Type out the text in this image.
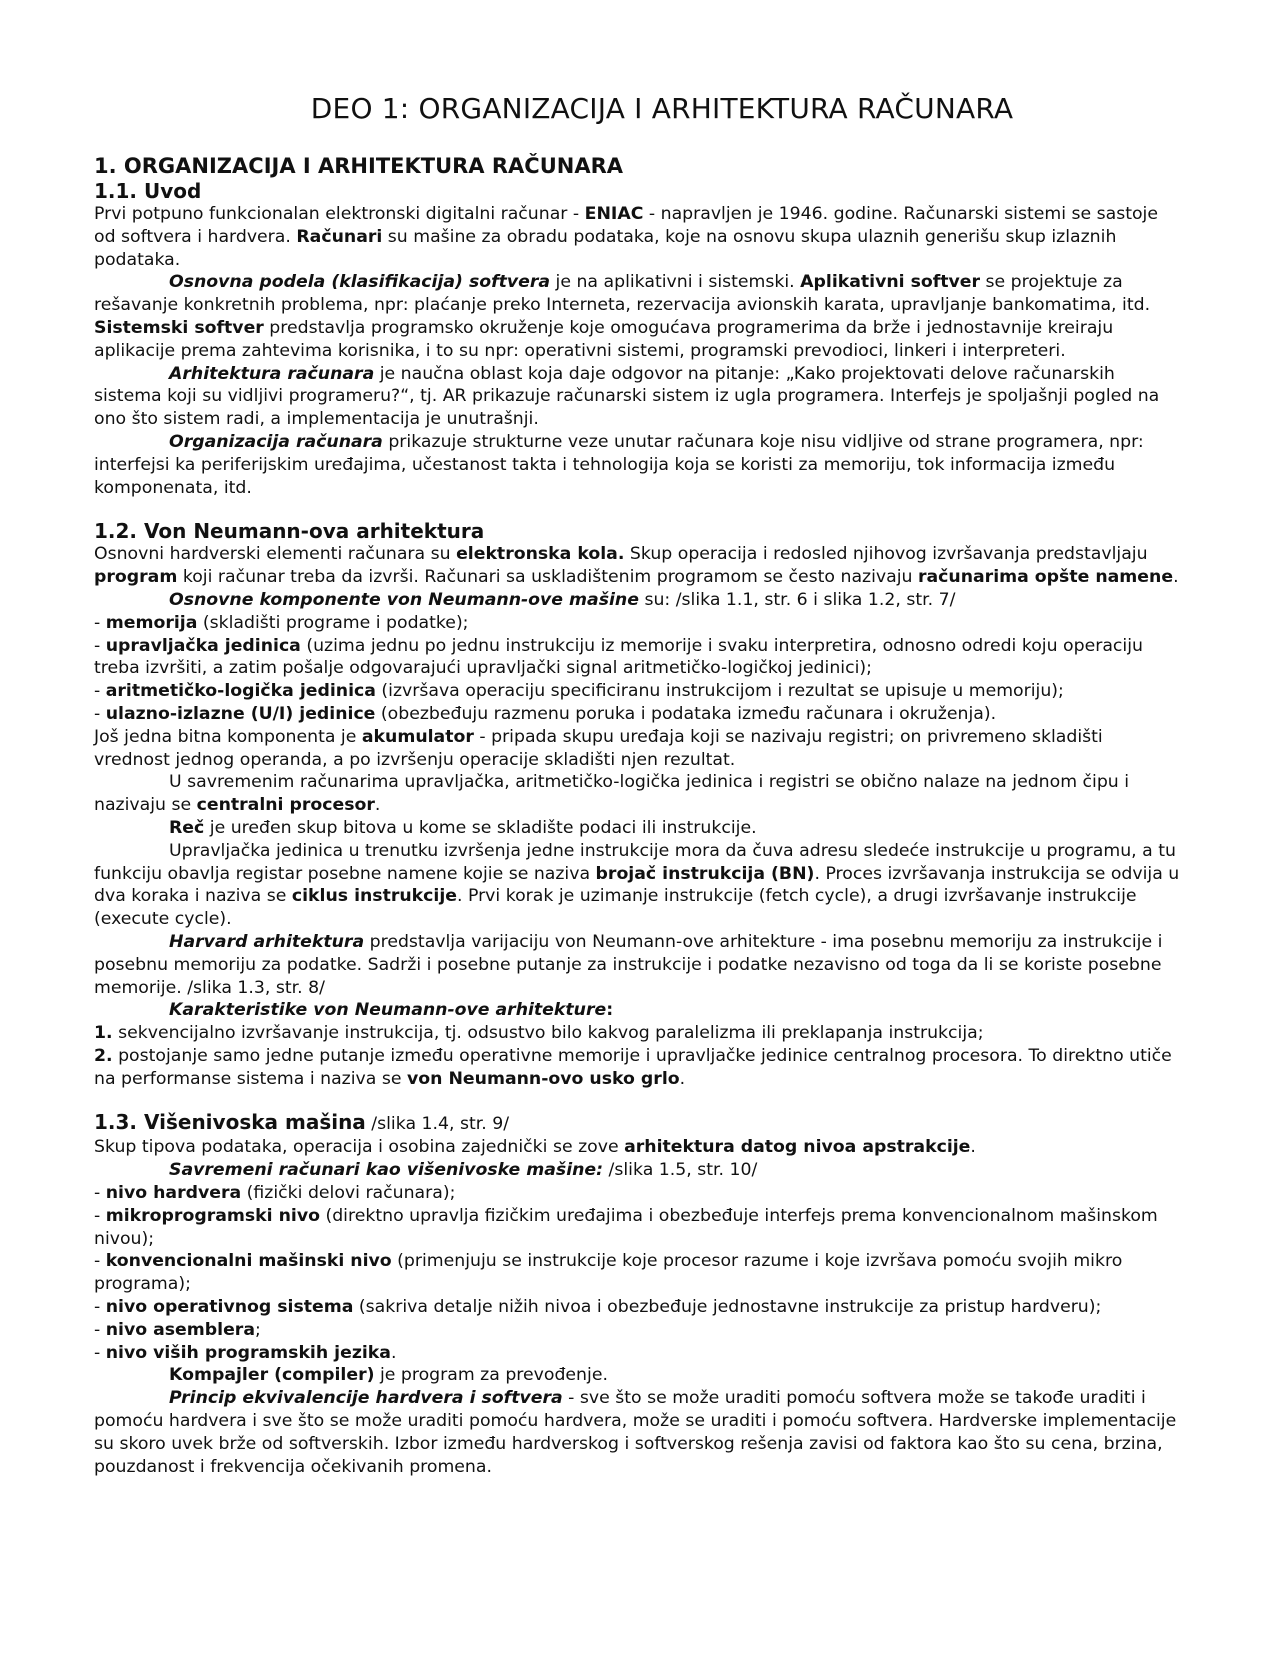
DEO 1: ORGANIZACIJA I ARHITEKTURA RAČUNARA
1. ORGANIZACIJA I ARHITEKTURA RAČUNARA
1.1. Uvod

Prvi potpuno funkcionalan elektronski digitalni računar - ENIAC - napravljen je 1946. godine. Računarski sistemi se sastoje od softvera i hardvera. Računari su mašine za obradu podataka, koje na osnovu skupa ulaznih generišu skup izlaznih podataka.

Osnovna podela (klasifikacija) softvera je na aplikativni i sistemski. Aplikativni softver se projektuje za rešavanje konkretnih problema, npr: plaćanje preko Interneta, rezervacija avionskih karata, upravljanje bankomatima, itd. Sistemski softver predstavlja programsko okruženje koje omogućava programerima da brže i jednostavnije kreiraju aplikacije prema zahtevima korisnika, i to su npr: operativni sistemi, programski prevodioci, linkeri i interpreteri.

Arhitektura računara je naučna oblast koja daje odgovor na pitanje: „Kako projektovati delove računarskih sistema koji su vidljivi programeru?“, tj. AR prikazuje računarski sistem iz ugla programera. Interfejs je spoljašnji pogled na ono što sistem radi, a implementacija je unutrašnji.

Organizacija računara prikazuje strukturne veze unutar računara koje nisu vidljive od strane programera, npr: interfejsi ka periferijskim uređajima, učestanost takta i tehnologija koja se koristi za memoriju, tok informacija između komponenata, itd.

1.2. Von Neumann-ova arhitektura

Osnovni hardverski elementi računara su elektronska kola. Skup operacija i redosled njihovog izvršavanja predstavljaju program koji računar treba da izvrši. Računari sa uskladištenim programom se često nazivaju računarima opšte namene.

Osnovne komponente von Neumann-ove mašine su: /slika 1.1, str. 6 i slika 1.2, str. 7/

- memorija (skladišti programe i podatke);

- upravljačka jedinica (uzima jednu po jednu instrukciju iz memorije i svaku interpretira, odnosno odredi koju operaciju treba izvršiti, a zatim pošalje odgovarajući upravljački signal aritmetičko-logičkoj jedinici);

- aritmetičko-logička jedinica (izvršava operaciju specificiranu instrukcijom i rezultat se upisuje u memoriju);

- ulazno-izlazne (U/I) jedinice (obezbeđuju razmenu poruka i podataka između računara i okruženja).

Još jedna bitna komponenta je akumulator - pripada skupu uređaja koji se nazivaju registri; on privremeno skladišti vrednost jednog operanda, a po izvršenju operacije skladišti njen rezultat.

U savremenim računarima upravljačka, aritmetičko-logička jedinica i registri se obično nalaze na jednom čipu i nazivaju se centralni procesor.

Reč je uređen skup bitova u kome se skladište podaci ili instrukcije.

Upravljačka jedinica u trenutku izvršenja jedne instrukcije mora da čuva adresu sledeće instrukcije u programu, a tu funkciju obavlja registar posebne namene kojie se naziva brojač instrukcija (BN). Proces izvršavanja instrukcija se odvija u dva koraka i naziva se ciklus instrukcije. Prvi korak je uzimanje instrukcije (fetch cycle), a drugi izvršavanje instrukcije (execute cycle).

Harvard arhitektura predstavlja varijaciju von Neumann-ove arhitekture - ima posebnu memoriju za instrukcije i posebnu memoriju za podatke. Sadrži i posebne putanje za instrukcije i podatke nezavisno od toga da li se koriste posebne memorije. /slika 1.3, str. 8/

Karakteristike von Neumann-ove arhitekture:

1. sekvencijalno izvršavanje instrukcija, tj. odsustvo bilo kakvog paralelizma ili preklapanja instrukcija;

2. postojanje samo jedne putanje između operativne memorije i upravljačke jedinice centralnog procesora. To direktno utiče na performanse sistema i naziva se von Neumann-ovo usko grlo.

1.3. Višenivoska mašina /slika 1.4, str. 9/

Skup tipova podataka, operacija i osobina zajednički se zove arhitektura datog nivoa apstrakcije.

Savremeni računari kao višenivoske mašine: /slika 1.5, str. 10/

- nivo hardvera (fizički delovi računara);

- mikroprogramski nivo (direktno upravlja fizičkim uređajima i obezbeđuje interfejs prema konvencionalnom mašinskom nivou);

- konvencionalni mašinski nivo (primenjuju se instrukcije koje procesor razume i koje izvršava pomoću svojih mikro programa);

- nivo operativnog sistema (sakriva detalje nižih nivoa i obezbeđuje jednostavne instrukcije za pristup hardveru);

- nivo asemblera;

- nivo viših programskih jezika.

Kompajler (compiler) je program za prevođenje.

Princip ekvivalencije hardvera i softvera - sve što se može uraditi pomoću softvera može se takođe uraditi i pomoću hardvera i sve što se može uraditi pomoću hardvera, može se uraditi i pomoću softvera. Hardverske implementacije su skoro uvek brže od softverskih. Izbor između hardverskog i softverskog rešenja zavisi od faktora kao što su cena, brzina, pouzdanost i frekvencija očekivanih promena.
